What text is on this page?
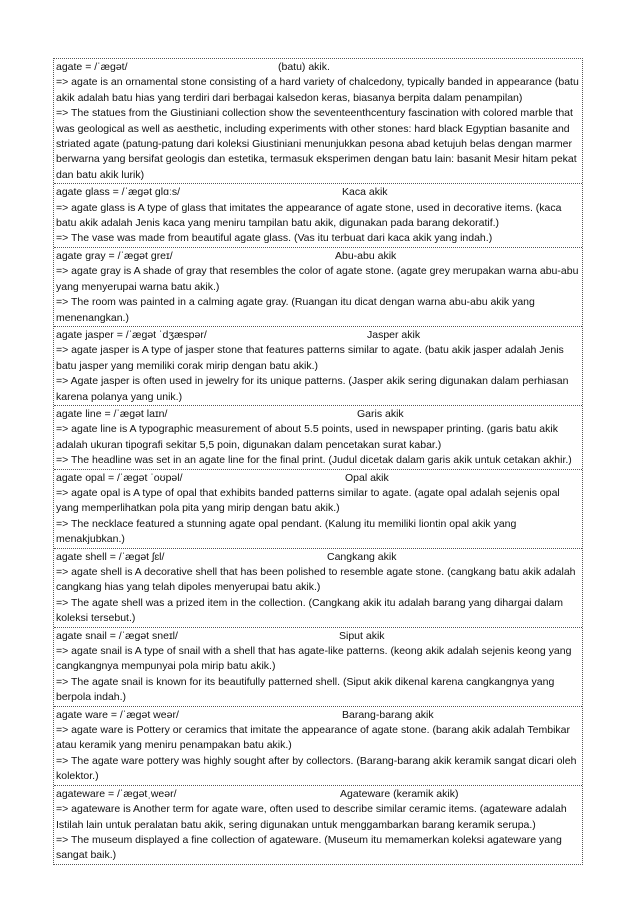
agate = /ˈæɡət/	(batu) akik.
=> agate is an ornamental stone consisting of a hard variety of chalcedony, typically banded in appearance (batu akik adalah batu hias yang terdiri dari berbagai kalsedon keras, biasanya berpita dalam penampilan)
=> The statues from the Giustiniani collection show the seventeenthcentury fascination with colored marble that was geological as well as aesthetic, including experiments with other stones: hard black Egyptian basanite and striated agate (patung-patung dari koleksi Giustiniani menunjukkan pesona abad ketujuh belas dengan marmer berwarna yang bersifat geologis dan estetika, termasuk eksperimen dengan batu lain: basanit Mesir hitam pekat dan batu akik lurik)
agate glass = /ˈæɡət ɡlɑːs/	Kaca akik
=> agate glass is A type of glass that imitates the appearance of agate stone, used in decorative items. (kaca batu akik adalah Jenis kaca yang meniru tampilan batu akik, digunakan pada barang dekoratif.)
=> The vase was made from beautiful agate glass. (Vas itu terbuat dari kaca akik yang indah.)
agate gray = /ˈæɡət ɡreɪ/	Abu-abu akik
=> agate gray is A shade of gray that resembles the color of agate stone. (agate grey merupakan warna abu-abu yang menyerupai warna batu akik.)
=> The room was painted in a calming agate gray. (Ruangan itu dicat dengan warna abu-abu akik yang menenangkan.)
agate jasper = /ˈæɡət ˈdʒæspər/	Jasper akik
=> agate jasper is A type of jasper stone that features patterns similar to agate. (batu akik jasper adalah Jenis batu jasper yang memiliki corak mirip dengan batu akik.)
=> Agate jasper is often used in jewelry for its unique patterns. (Jasper akik sering digunakan dalam perhiasan karena polanya yang unik.)
agate line = /ˈæɡət laɪn/	Garis akik
=> agate line is A typographic measurement of about 5.5 points, used in newspaper printing. (garis batu akik adalah ukuran tipografi sekitar 5,5 poin, digunakan dalam pencetakan surat kabar.)
=> The headline was set in an agate line for the final print. (Judul dicetak dalam garis akik untuk cetakan akhir.)
agate opal = /ˈæɡət ˈoʊpəl/	Opal akik
=> agate opal is A type of opal that exhibits banded patterns similar to agate. (agate opal adalah sejenis opal yang memperlihatkan pola pita yang mirip dengan batu akik.)
=> The necklace featured a stunning agate opal pendant. (Kalung itu memiliki liontin opal akik yang menakjubkan.)
agate shell = /ˈæɡət ʃɛl/	Cangkang akik
=> agate shell is A decorative shell that has been polished to resemble agate stone. (cangkang batu akik adalah cangkang hias yang telah dipoles menyerupai batu akik.)
=> The agate shell was a prized item in the collection. (Cangkang akik itu adalah barang yang dihargai dalam koleksi tersebut.)
agate snail = /ˈæɡət sneɪl/	Siput akik
=> agate snail is A type of snail with a shell that has agate-like patterns. (keong akik adalah sejenis keong yang cangkangnya mempunyai pola mirip batu akik.)
=> The agate snail is known for its beautifully patterned shell. (Siput akik dikenal karena cangkangnya yang berpola indah.)
agate ware = /ˈæɡət weər/	Barang-barang akik
=> agate ware is Pottery or ceramics that imitate the appearance of agate stone. (barang akik adalah Tembikar atau keramik yang meniru penampakan batu akik.)
=> The agate ware pottery was highly sought after by collectors. (Barang-barang akik keramik sangat dicari oleh kolektor.)
agateware = /ˈæɡətˌweər/	Agateware (keramik akik)
=> agateware is Another term for agate ware, often used to describe similar ceramic items. (agateware adalah Istilah lain untuk peralatan batu akik, sering digunakan untuk menggambarkan barang keramik serupa.)
=> The museum displayed a fine collection of agateware. (Museum itu memamerkan koleksi agateware yang sangat baik.)
